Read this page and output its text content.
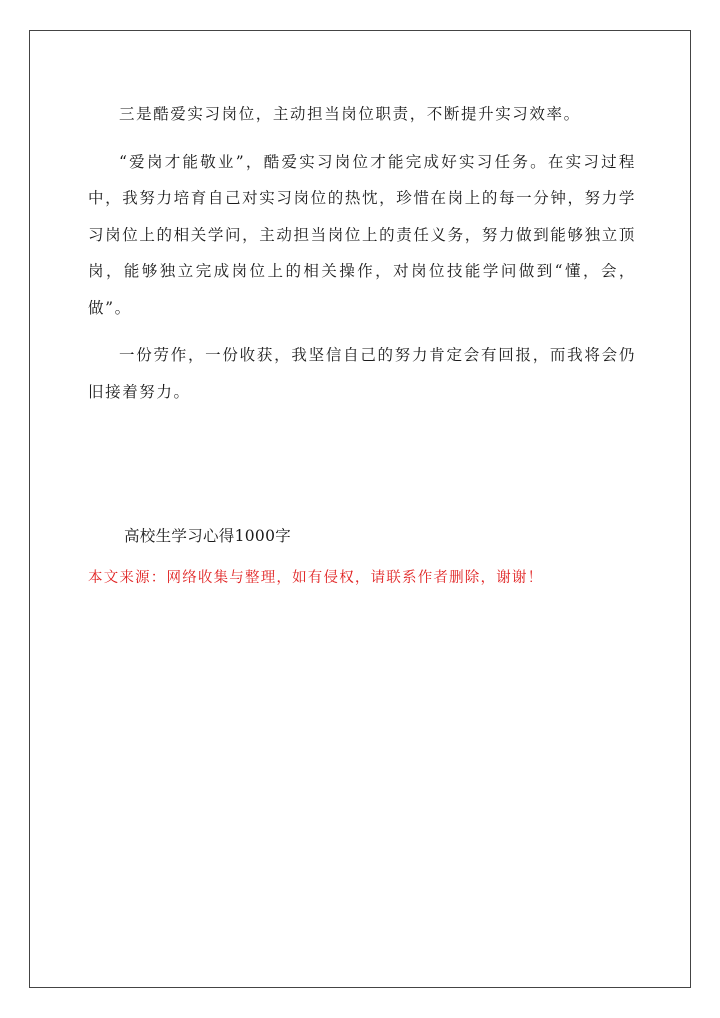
三是酷爱实习岗位，主动担当岗位职责，不断提升实习效率。

“爱岗才能敬业”，酷爱实习岗位才能完成好实习任务。在实习过程中，我努力培育自己对实习岗位的热忱，珍惜在岗上的每一分钟，努力学习岗位上的相关学问，主动担当岗位上的责任义务，努力做到能够独立顶岗，能够独立完成岗位上的相关操作，对岗位技能学问做到“懂，会，做”。

一份劳作，一份收获，我坚信自己的努力肯定会有回报，而我将会仍旧接着努力。

高校生学习心得1000字
本文来源：网络收集与整理，如有侵权，请联系作者删除，谢谢！
